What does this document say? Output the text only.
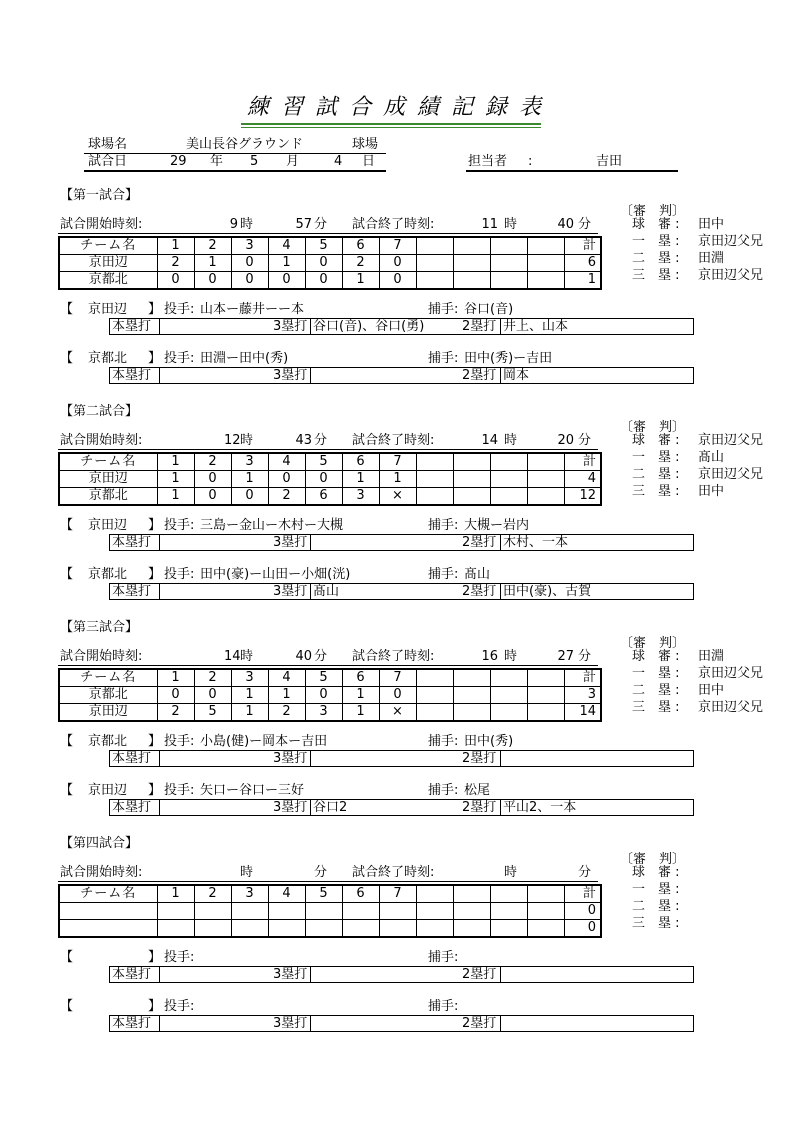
練習試合成績記録表
球場名	美山長谷グラウンド	球場
試合日	29 年 5 月	4 日	担当者 :	吉田
【第一試合】
〔審　判〕
試合開始時刻:	9 時	57 分 試合終了時刻:	11 時	40 分	球　審 : 田中
一　塁 : 京田辺父兄
二　塁 : 田淵
三　塁 : 京田辺父兄
チーム名	1	2	3	4	5	6	7					計
京田辺	2	1	0	1	0	2	0					6
京都北	0	0	0	0	0	1	0					1
【 京田辺 】 投手: 山本ー藤井ーー本	捕手: 谷口(音)
本塁打	3塁打 谷口(音)、谷口(勇)	2塁打 井上、山本
【 京都北 】 投手: 田淵ー田中(秀)	捕手: 田中(秀)ー吉田
本塁打	3塁打	2塁打 岡本
【第二試合】
〔審　判〕
試合開始時刻:	12 時	43 分 試合終了時刻:	14 時	20 分	球　審 : 京田辺父兄
一　塁 : 髙山
二　塁 : 京田辺父兄
三　塁 : 田中
チーム名	1	2	3	4	5	6	7					計
京田辺	1	0	1	0	0	1	1					4
京都北	1	0	0	2	6	3	×					12
【 京田辺 】 投手: 三島ー金山ー木村ー大槻	捕手: 大槻ー岩内
本塁打	3塁打	2塁打 木村、一本
【 京都北 】 投手: 田中(豪)ー山田ー小畑(洸)	捕手: 髙山
本塁打	3塁打 髙山	2塁打 田中(豪)、古賀
【第三試合】
〔審　判〕
試合開始時刻:	14 時	40 分 試合終了時刻:	16 時	27 分	球　審 : 田淵
一　塁 : 京田辺父兄
二　塁 : 田中
三　塁 : 京田辺父兄
チーム名	1	2	3	4	5	6	7					計
京都北	0	0	1	1	0	1	0					3
京田辺	2	5	1	2	3	1	×					14
【 京都北 】 投手: 小島(健)ー岡本ー吉田	捕手: 田中(秀)
本塁打	3塁打	2塁打
【 京田辺 】 投手: 矢口ー谷口ー三好	捕手: 松尾
本塁打	3塁打 谷口2	2塁打 平山2、一本
【第四試合】
〔審　判〕
試合開始時刻:	時	分 試合終了時刻:	時	分	球　審 :
一　塁 :
二　塁 :
三　塁 :
チーム名	1	2	3	4	5	6	7					計
												0
												0
【	】 投手:	捕手:
本塁打	3塁打	2塁打
【	】 投手:	捕手:
本塁打	3塁打	2塁打
